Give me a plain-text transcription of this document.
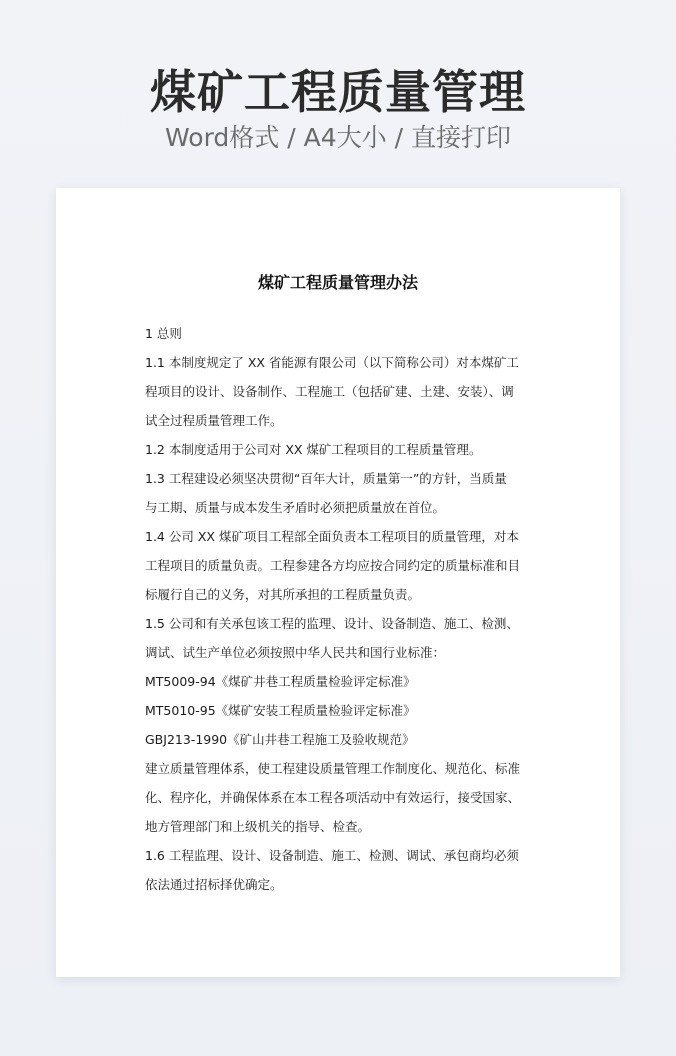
煤矿工程质量管理
Word格式 / A4大小 / 直接打印
煤矿工程质量管理办法
1 总则
1.1 本制度规定了 XX 省能源有限公司（以下简称公司）对本煤矿工
程项目的设计、设备制作、工程施工（包括矿建、土建、安装）、调
试全过程质量管理工作。
1.2 本制度适用于公司对 XX 煤矿工程项目的工程质量管理。
1.3 工程建设必须坚决贯彻“百年大计，质量第一”的方针，当质量
与工期、质量与成本发生矛盾时必须把质量放在首位。
1.4 公司 XX 煤矿项目工程部全面负责本工程项目的质量管理，对本
工程项目的质量负责。工程参建各方均应按合同约定的质量标准和目
标履行自己的义务，对其所承担的工程质量负责。
1.5 公司和有关承包该工程的监理、设计、设备制造、施工、检测、
调试、试生产单位必须按照中华人民共和国行业标准：
MT5009-94《煤矿井巷工程质量检验评定标准》
MT5010-95《煤矿安装工程质量检验评定标准》
GBJ213-1990《矿山井巷工程施工及验收规范》
建立质量管理体系，使工程建设质量管理工作制度化、规范化、标准
化、程序化，并确保体系在本工程各项活动中有效运行，接受国家、
地方管理部门和上级机关的指导、检查。
1.6 工程监理、设计、设备制造、施工、检测、调试、承包商均必须
依法通过招标择优确定。
